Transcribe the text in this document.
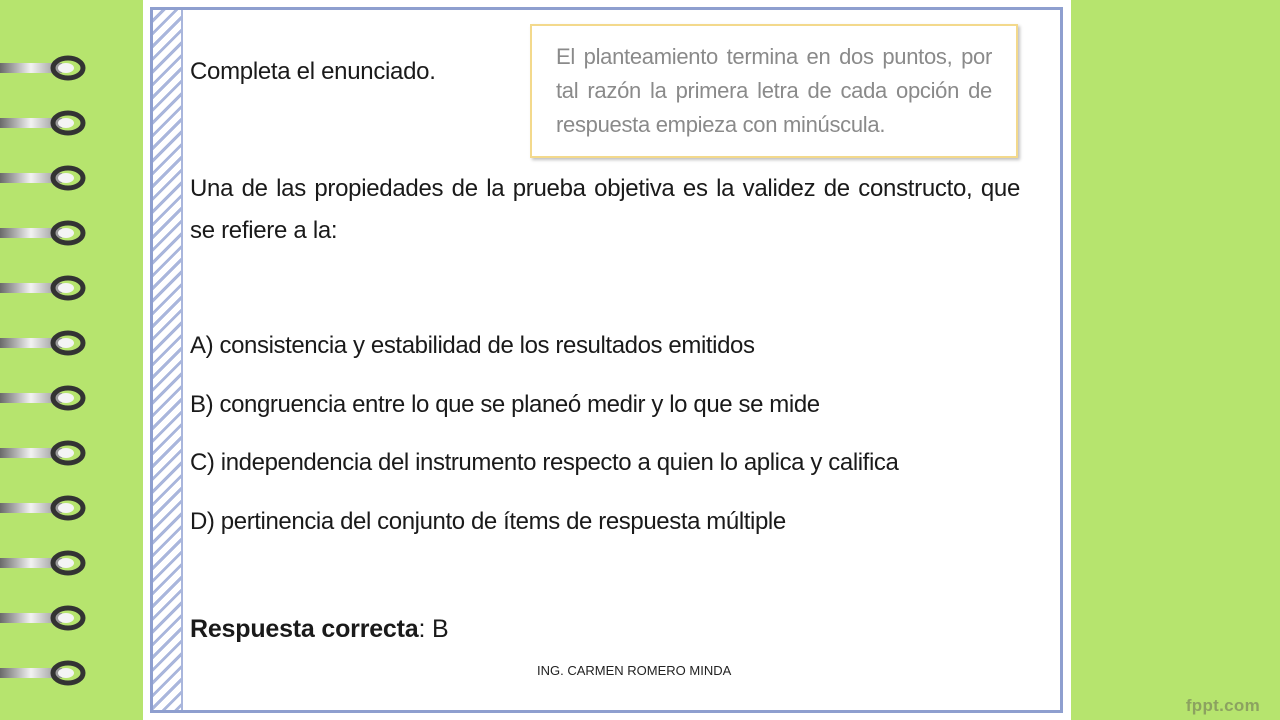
Completa el enunciado.

El planteamiento termina en dos puntos, por tal razón la primera letra de cada opción de respuesta empieza con minúscula.

Una de las propiedades de la prueba objetiva es la validez de constructo, que se refiere a la:

A) consistencia y estabilidad de los resultados emitidos
B) congruencia entre lo que se planeó medir y lo que se mide
C) independencia del instrumento respecto a quien lo aplica y califica
D) pertinencia del conjunto de ítems de respuesta múltiple

Respuesta correcta: B

ING. CARMEN ROMERO MINDA
fppt.com
